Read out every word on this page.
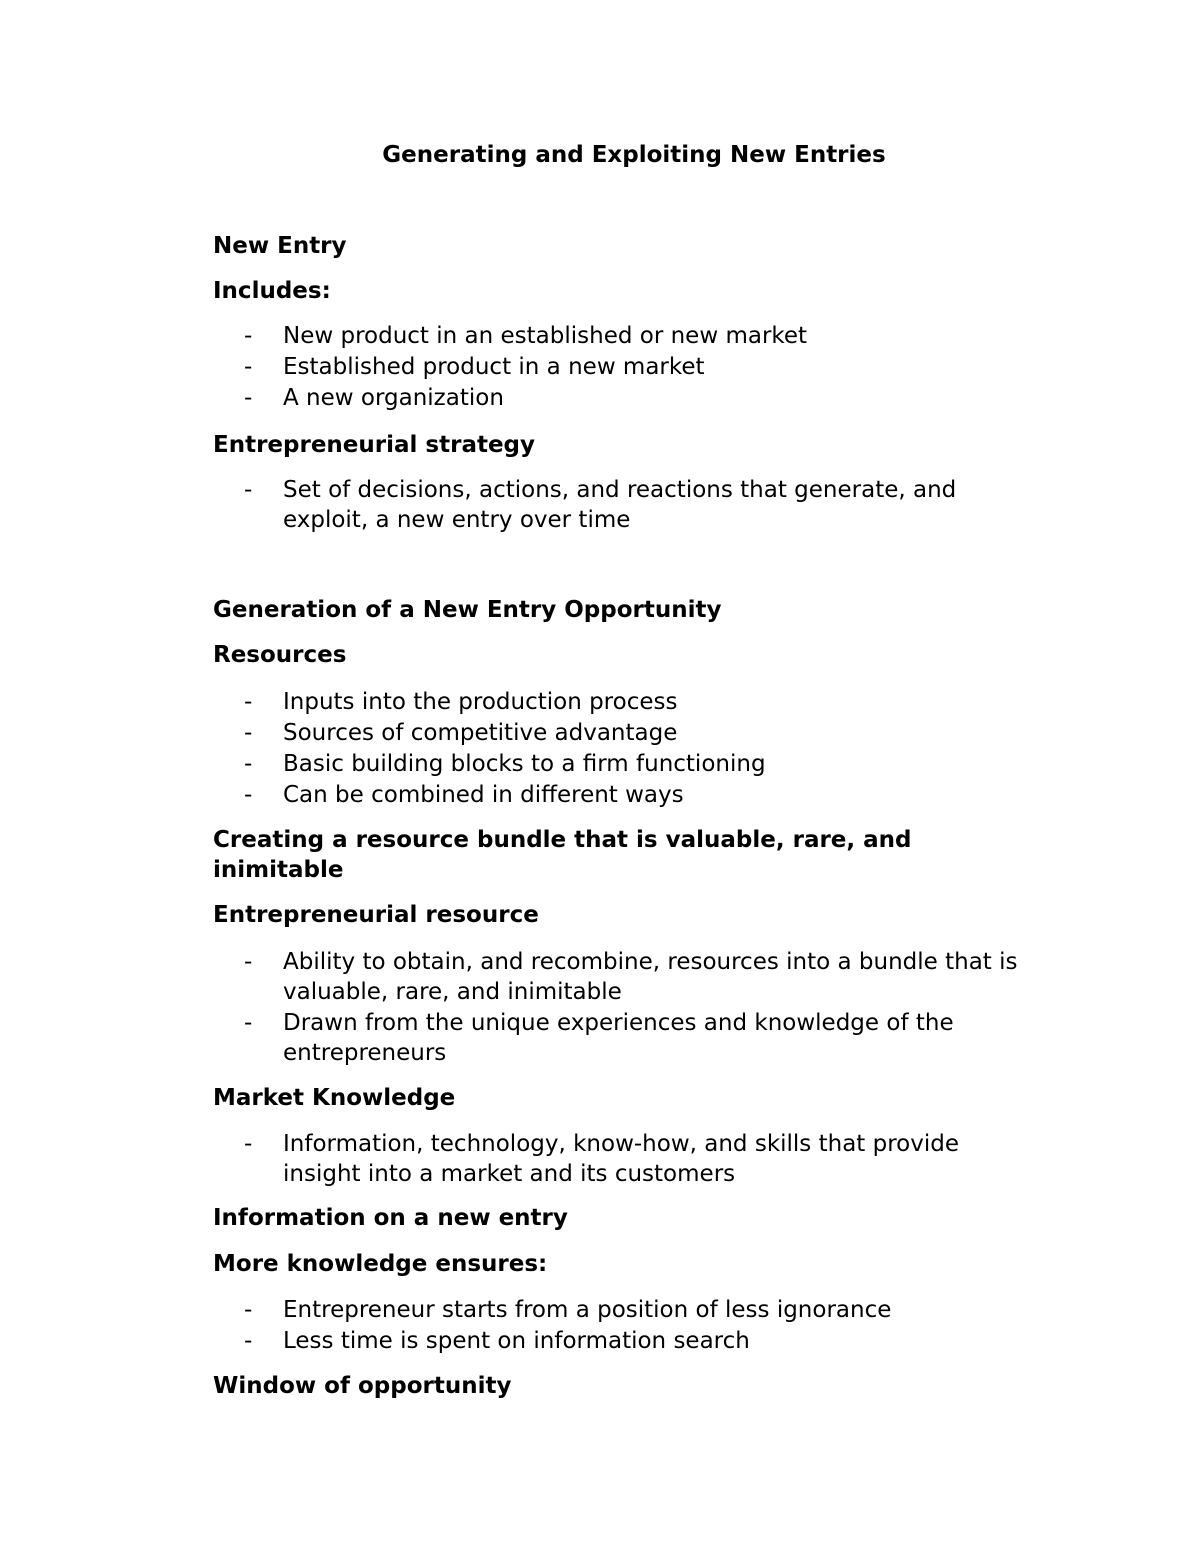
Generating and Exploiting New Entries
New Entry
Includes:
-	New product in an established or new market
-	Established product in a new market
-	A new organization
Entrepreneurial strategy
-	Set of decisions, actions, and reactions that generate, and exploit, a new entry over time
Generation of a New Entry Opportunity
Resources
-	Inputs into the production process
-	Sources of competitive advantage
-	Basic building blocks to a firm functioning
-	Can be combined in different ways
Creating a resource bundle that is valuable, rare, and inimitable
Entrepreneurial resource
-	Ability to obtain, and recombine, resources into a bundle that is valuable, rare, and inimitable
-	Drawn from the unique experiences and knowledge of the entrepreneurs
Market Knowledge
-	Information, technology, know-how, and skills that provide insight into a market and its customers
Information on a new entry
More knowledge ensures:
-	Entrepreneur starts from a position of less ignorance
-	Less time is spent on information search
Window of opportunity
